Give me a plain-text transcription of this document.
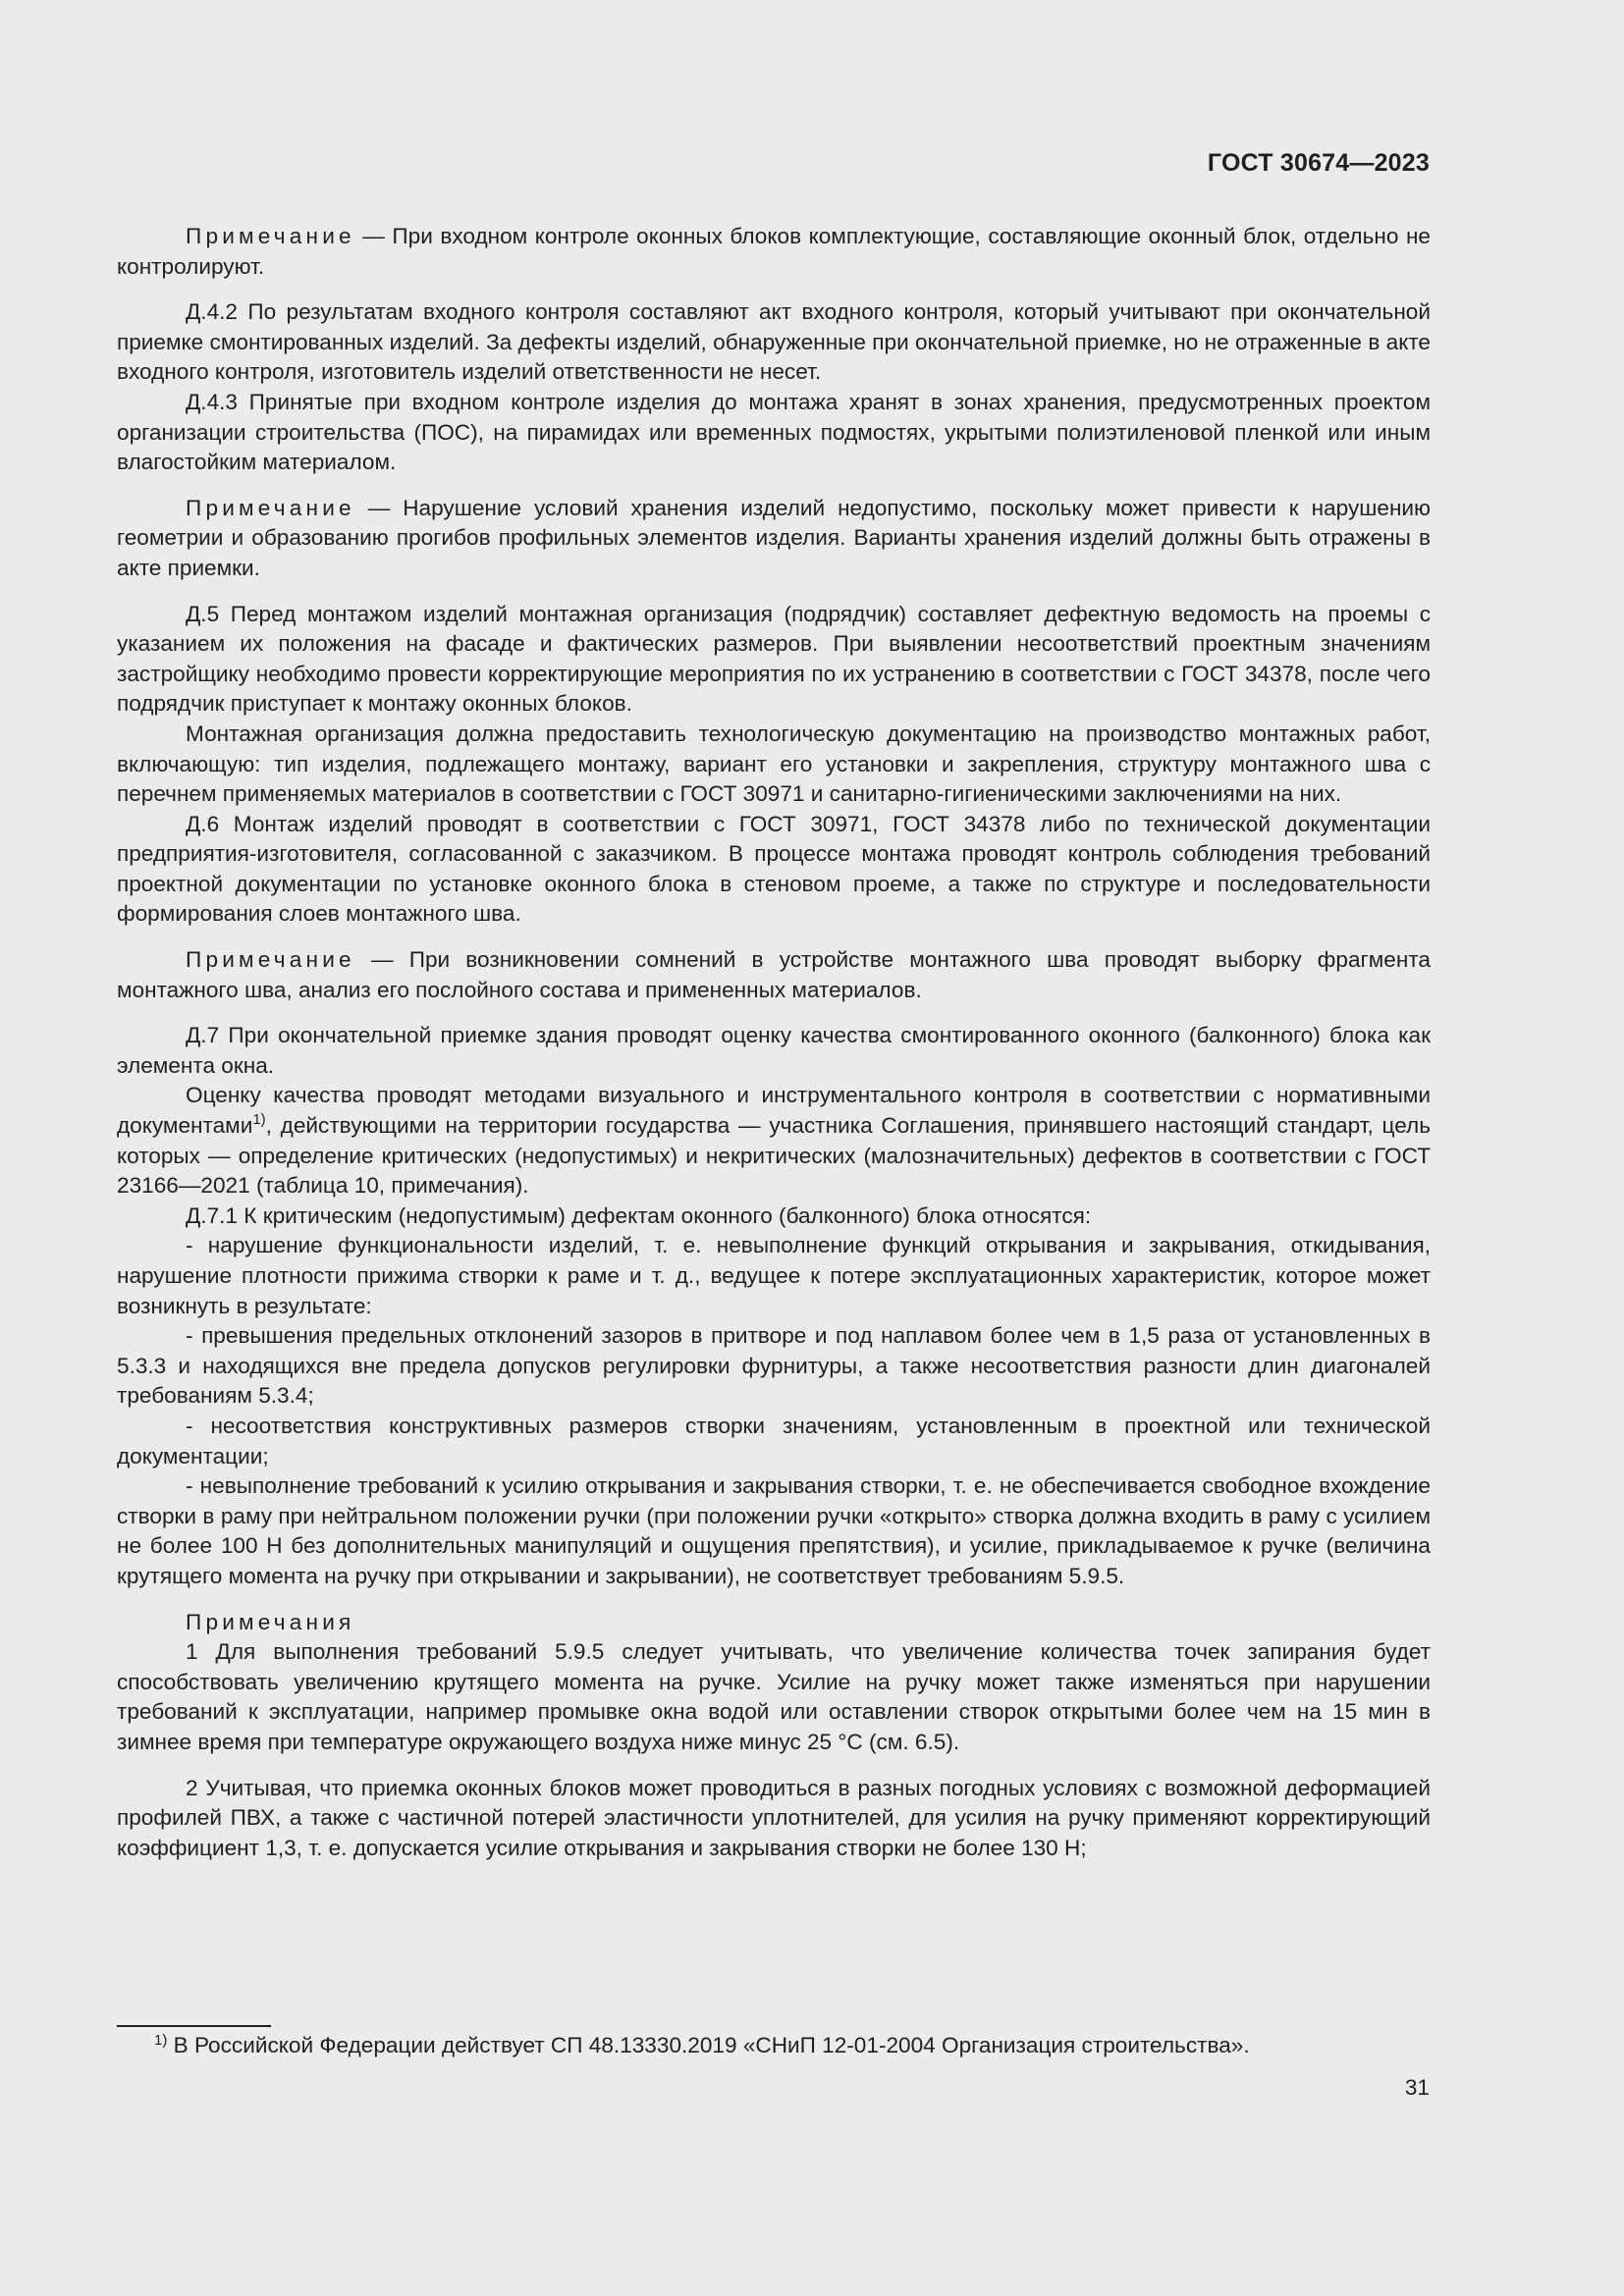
ГОСТ 30674—2023

Примечание — При входном контроле оконных блоков комплектующие, составляющие оконный блок, отдельно не контролируют.

Д.4.2 По результатам входного контроля составляют акт входного контроля, который учитывают при окончательной приемке смонтированных изделий. За дефекты изделий, обнаруженные при окончательной приемке, но не отраженные в акте входного контроля, изготовитель изделий ответственности не несет.

Д.4.3 Принятые при входном контроле изделия до монтажа хранят в зонах хранения, предусмотренных проектом организации строительства (ПОС), на пирамидах или временных подмостях, укрытыми полиэтиленовой пленкой или иным влагостойким материалом.

Примечание — Нарушение условий хранения изделий недопустимо, поскольку может привести к нарушению геометрии и образованию прогибов профильных элементов изделия. Варианты хранения изделий должны быть отражены в акте приемки.

Д.5 Перед монтажом изделий монтажная организация (подрядчик) составляет дефектную ведомость на проемы с указанием их положения на фасаде и фактических размеров. При выявлении несоответствий проектным значениям застройщику необходимо провести корректирующие мероприятия по их устранению в соответствии с ГОСТ 34378, после чего подрядчик приступает к монтажу оконных блоков.

Монтажная организация должна предоставить технологическую документацию на производство монтажных работ, включающую: тип изделия, подлежащего монтажу, вариант его установки и закрепления, структуру монтажного шва с перечнем применяемых материалов в соответствии с ГОСТ 30971 и санитарно-гигиеническими заключениями на них.

Д.6 Монтаж изделий проводят в соответствии с ГОСТ 30971, ГОСТ 34378 либо по технической документации предприятия-изготовителя, согласованной с заказчиком. В процессе монтажа проводят контроль соблюдения требований проектной документации по установке оконного блока в стеновом проеме, а также по структуре и последовательности формирования слоев монтажного шва.

Примечание — При возникновении сомнений в устройстве монтажного шва проводят выборку фрагмента монтажного шва, анализ его послойного состава и примененных материалов.

Д.7 При окончательной приемке здания проводят оценку качества смонтированного оконного (балконного) блока как элемента окна.

Оценку качества проводят методами визуального и инструментального контроля в соответствии с нормативными документами$^{1)}$, действующими на территории государства — участника Соглашения, принявшего настоящий стандарт, цель которых — определение критических (недопустимых) и некритических (малозначительных) дефектов в соответствии с ГОСТ 23166—2021 (таблица 10, примечания).

Д.7.1 К критическим (недопустимым) дефектам оконного (балконного) блока относятся:

- нарушение функциональности изделий, т. е. невыполнение функций открывания и закрывания, откидывания, нарушение плотности прижима створки к раме и т. д., ведущее к потере эксплуатационных характеристик, которое может возникнуть в результате:

- превышения предельных отклонений зазоров в притворе и под наплавом более чем в 1,5 раза от установленных в 5.3.3 и находящихся вне предела допусков регулировки фурнитуры, а также несоответствия разности длин диагоналей требованиям 5.3.4;

- несоответствия конструктивных размеров створки значениям, установленным в проектной или технической документации;

- невыполнение требований к усилию открывания и закрывания створки, т. е. не обеспечивается свободное вхождение створки в раму при нейтральном положении ручки (при положении ручки «открыто» створка должна входить в раму с усилием не более 100 Н без дополнительных манипуляций и ощущения препятствия), и усилие, прикладываемое к ручке (величина крутящего момента на ручку при открывании и закрывании), не соответствует требованиям 5.9.5.

Примечания

1 Для выполнения требований 5.9.5 следует учитывать, что увеличение количества точек запирания будет способствовать увеличению крутящего момента на ручке. Усилие на ручку может также изменяться при нарушении требований к эксплуатации, например промывке окна водой или оставлении створок открытыми более чем на 15 мин в зимнее время при температуре окружающего воздуха ниже минус 25 °С (см. 6.5).

2 Учитывая, что приемка оконных блоков может проводиться в разных погодных условиях с возможной деформацией профилей ПВХ, а также с частичной потерей эластичности уплотнителей, для усилия на ручку применяют корректирующий коэффициент 1,3, т. е. допускается усилие открывания и закрывания створки не более 130 Н;

$^{1)}$ В Российской Федерации действует СП 48.13330.2019 «СНиП 12-01-2004 Организация строительства».
31
